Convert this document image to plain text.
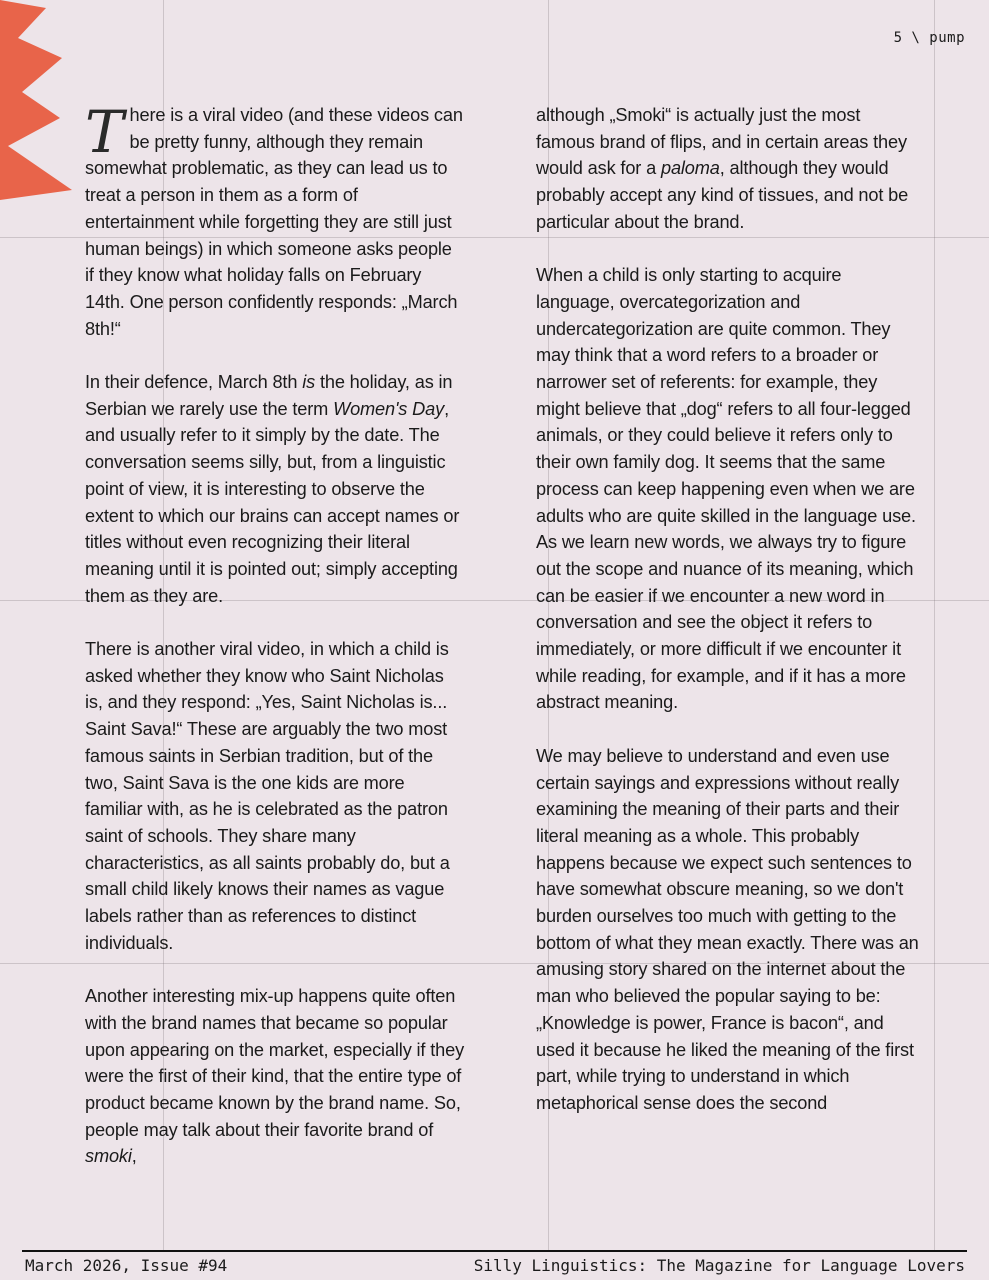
5 \ pump

There is a viral video (and these videos can be pretty funny, although they remain somewhat problematic, as they can lead us to treat a person in them as a form of entertainment while forgetting they are still just human beings) in which someone asks people if they know what holiday falls on February 14th. One person confidently responds: „March 8th!“

In their defence, March 8th is the holiday, as in Serbian we rarely use the term Women's Day, and usually refer to it simply by the date. The conversation seems silly, but, from a linguistic point of view, it is interesting to observe the extent to which our brains can accept names or titles without even recognizing their literal meaning until it is pointed out; simply accepting them as they are.

There is another viral video, in which a child is asked whether they know who Saint Nicholas is, and they respond: „Yes, Saint Nicholas is... Saint Sava!“ These are arguably the two most famous saints in Serbian tradition, but of the two, Saint Sava is the one kids are more familiar with, as he is celebrated as the patron saint of schools. They share many characteristics, as all saints probably do, but a small child likely knows their names as vague labels rather than as references to distinct individuals.

Another interesting mix-up happens quite often with the brand names that became so popular upon appearing on the market, especially if they were the first of their kind, that the entire type of product became known by the brand name. So, people may talk about their favorite brand of smoki,

although „Smoki“ is actually just the most famous brand of flips, and in certain areas they would ask for a paloma, although they would probably accept any kind of tissues, and not be particular about the brand.

When a child is only starting to acquire language, overcategorization and undercategorization are quite common. They may think that a word refers to a broader or narrower set of referents: for example, they might believe that „dog“ refers to all four-legged animals, or they could believe it refers only to their own family dog. It seems that the same process can keep happening even when we are adults who are quite skilled in the language use. As we learn new words, we always try to figure out the scope and nuance of its meaning, which can be easier if we encounter a new word in conversation and see the object it refers to immediately, or more difficult if we encounter it while reading, for example, and if it has a more abstract meaning.

We may believe to understand and even use certain sayings and expressions without really examining the meaning of their parts and their literal meaning as a whole. This probably happens because we expect such sentences to have somewhat obscure meaning, so we don't burden ourselves too much with getting to the bottom of what they mean exactly. There was an amusing story shared on the internet about the man who believed the popular saying to be: „Knowledge is power, France is bacon“, and used it because he liked the meaning of the first part, while trying to understand in which metaphorical sense does the second

March 2026, Issue #94	Silly Linguistics: The Magazine for Language Lovers
